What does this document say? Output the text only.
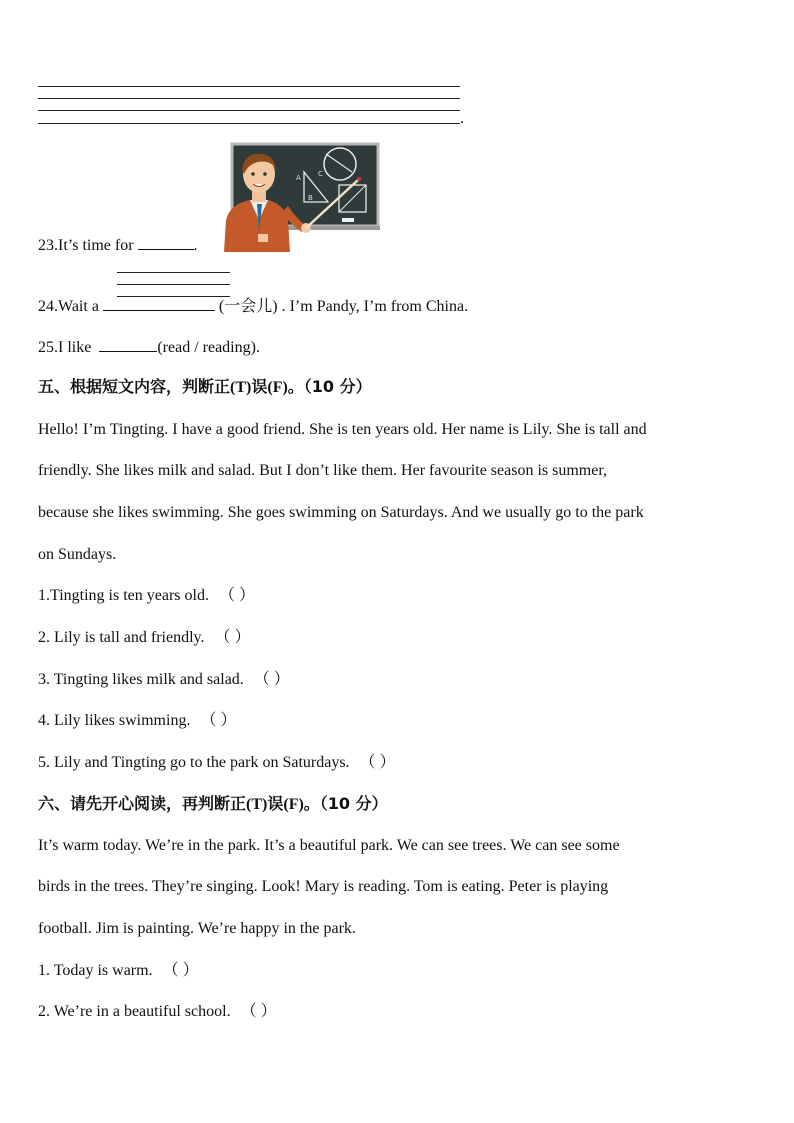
.
A C
B
23.It’s time for	.
24.Wait a	(一会儿) . I’m Pandy, I’m from China.
25.I like	(read / reading).
五、根据短文内容，判断正(T)误(F)。（10 分）
Hello! I’m Tingting. I have a good friend. She is ten years old. Her name is Lily. She is tall and
friendly. She likes milk and salad. But I don’t like them. Her favourite season is summer,
because she likes swimming. She goes swimming on Saturdays. And we usually go to the park
on Sundays.
1.Tingting is ten years old. （ ）
2. Lily is tall and friendly. （ ）
3. Tingting likes milk and salad. （ ）
4. Lily likes swimming. （ ）
5. Lily and Tingting go to the park on Saturdays. （ ）
六、请先开心阅读，再判断正(T)误(F)。（10 分）
It’s warm today. We’re in the park. It’s a beautiful park. We can see trees. We can see some
birds in the trees. They’re singing. Look! Mary is reading. Tom is eating. Peter is playing
football. Jim is painting. We’re happy in the park.
1. Today is warm. （ ）
2. We’re in a beautiful school. （ ）
